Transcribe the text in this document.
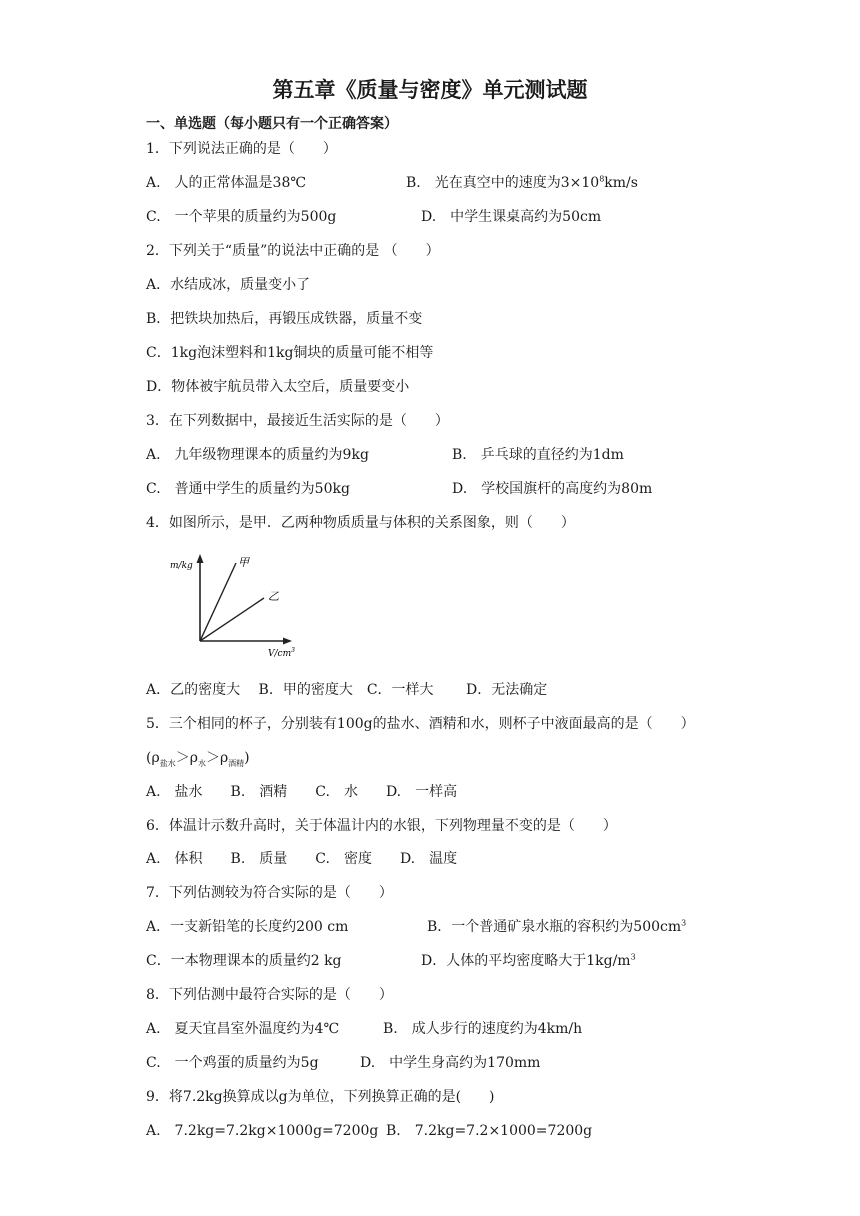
第五章《质量与密度》单元测试题
一、单选题（每小题只有一个正确答案）
1．下列说法正确的是（　　）
A.　人的正常体温是38℃	B.　光在真空中的速度为$3\times 10^8km/s$
C.　一个苹果的质量约为500g	D.　中学生课桌高约为50cm
2．下列关于“质量”的说法中正确的是 （　　）
A．水结成冰，质量变小了
B．把铁块加热后，再锻压成铁器，质量不变
C．1kg泡沫塑料和1kg铜块的质量可能不相等
D．物体被宇航员带入太空后，质量要变小
3．在下列数据中，最接近生活实际的是（　　）
A.　九年级物理课本的质量约为9kg	B.　乒乓球的直径约为1dm
C.　普通中学生的质量约为50kg	D.　学校国旗杆的高度约为80m
4．如图所示，是甲．乙两种物质质量与体积的关系图象，则（　　）
m/kg
$V/cm^3$
甲
乙
A．乙的密度大　 B．甲的密度大　C．一样大　　 D．无法确定
5．三个相同的杯子，分别装有100g的盐水、酒精和水，则杯子中液面最高的是（　　）
$(\rho_{盐水}>\rho_水>\rho_{酒精})$
A.　盐水　　B.　酒精　　C.　水　　D.　一样高
6．体温计示数升高时，关于体温计内的水银，下列物理量不变的是（　　）
A.　体积　　B.　质量　　C.　密度　　D.　温度
7．下列估测较为符合实际的是（　　）
A．一支新铅笔的长度约200 cm	B．一个普通矿泉水瓶的容积约为$500cm^3$
C．一本物理课本的质量约2 kg	D．人体的平均密度略大于$1kg/m^3$
8．下列估测中最符合实际的是（　　）
A.　夏天宜昌室外温度约为4℃	B.　成人步行的速度约为4km/h
C.　一个鸡蛋的质量约为5g	D.　中学生身高约为170mm
9．将7.2kg换算成以g为单位，下列换算正确的是(　　)
A.　7.2kg=7.2kg×1000g=7200g B.　7.2kg=7.2×1000=7200g
